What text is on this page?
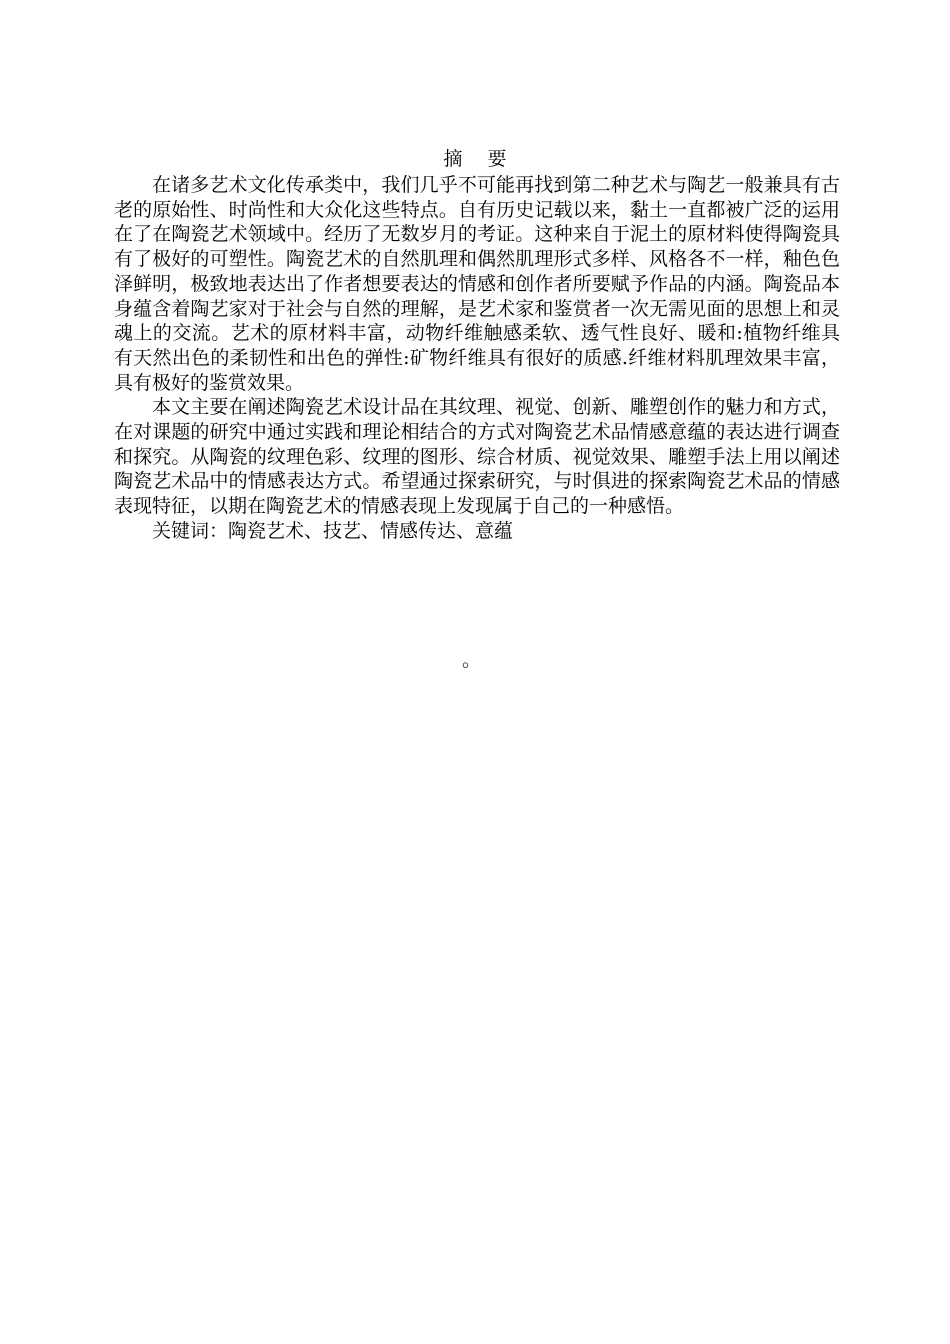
摘 要

在诸多艺术文化传承类中，我们几乎不可能再找到第二种艺术与陶艺一般兼具有古老的原始性、时尚性和大众化这些特点。自有历史记载以来，黏土一直都被广泛的运用在了在陶瓷艺术领域中。经历了无数岁月的考证。这种来自于泥土的原材料使得陶瓷具有了极好的可塑性。陶瓷艺术的自然肌理和偶然肌理形式多样、风格各不一样，釉色色泽鲜明，极致地表达出了作者想要表达的情感和创作者所要赋予作品的内涵。陶瓷品本身蕴含着陶艺家对于社会与自然的理解，是艺术家和鉴赏者一次无需见面的思想上和灵魂上的交流。艺术的原材料丰富，动物纤维触感柔软、透气性良好、暖和:植物纤维具有天然出色的柔韧性和出色的弹性:矿物纤维具有很好的质感.纤维材料肌理效果丰富，具有极好的鉴赏效果。

本文主要在阐述陶瓷艺术设计品在其纹理、视觉、创新、雕塑创作的魅力和方式，在对课题的研究中通过实践和理论相结合的方式对陶瓷艺术品情感意蕴的表达进行调查和探究。从陶瓷的纹理色彩、纹理的图形、综合材质、视觉效果、雕塑手法上用以阐述陶瓷艺术品中的情感表达方式。希望通过探索研究，与时俱进的探索陶瓷艺术品的情感表现特征，以期在陶瓷艺术的情感表现上发现属于自己的一种感悟。

关键词：陶瓷艺术、技艺、情感传达、意蕴

。
